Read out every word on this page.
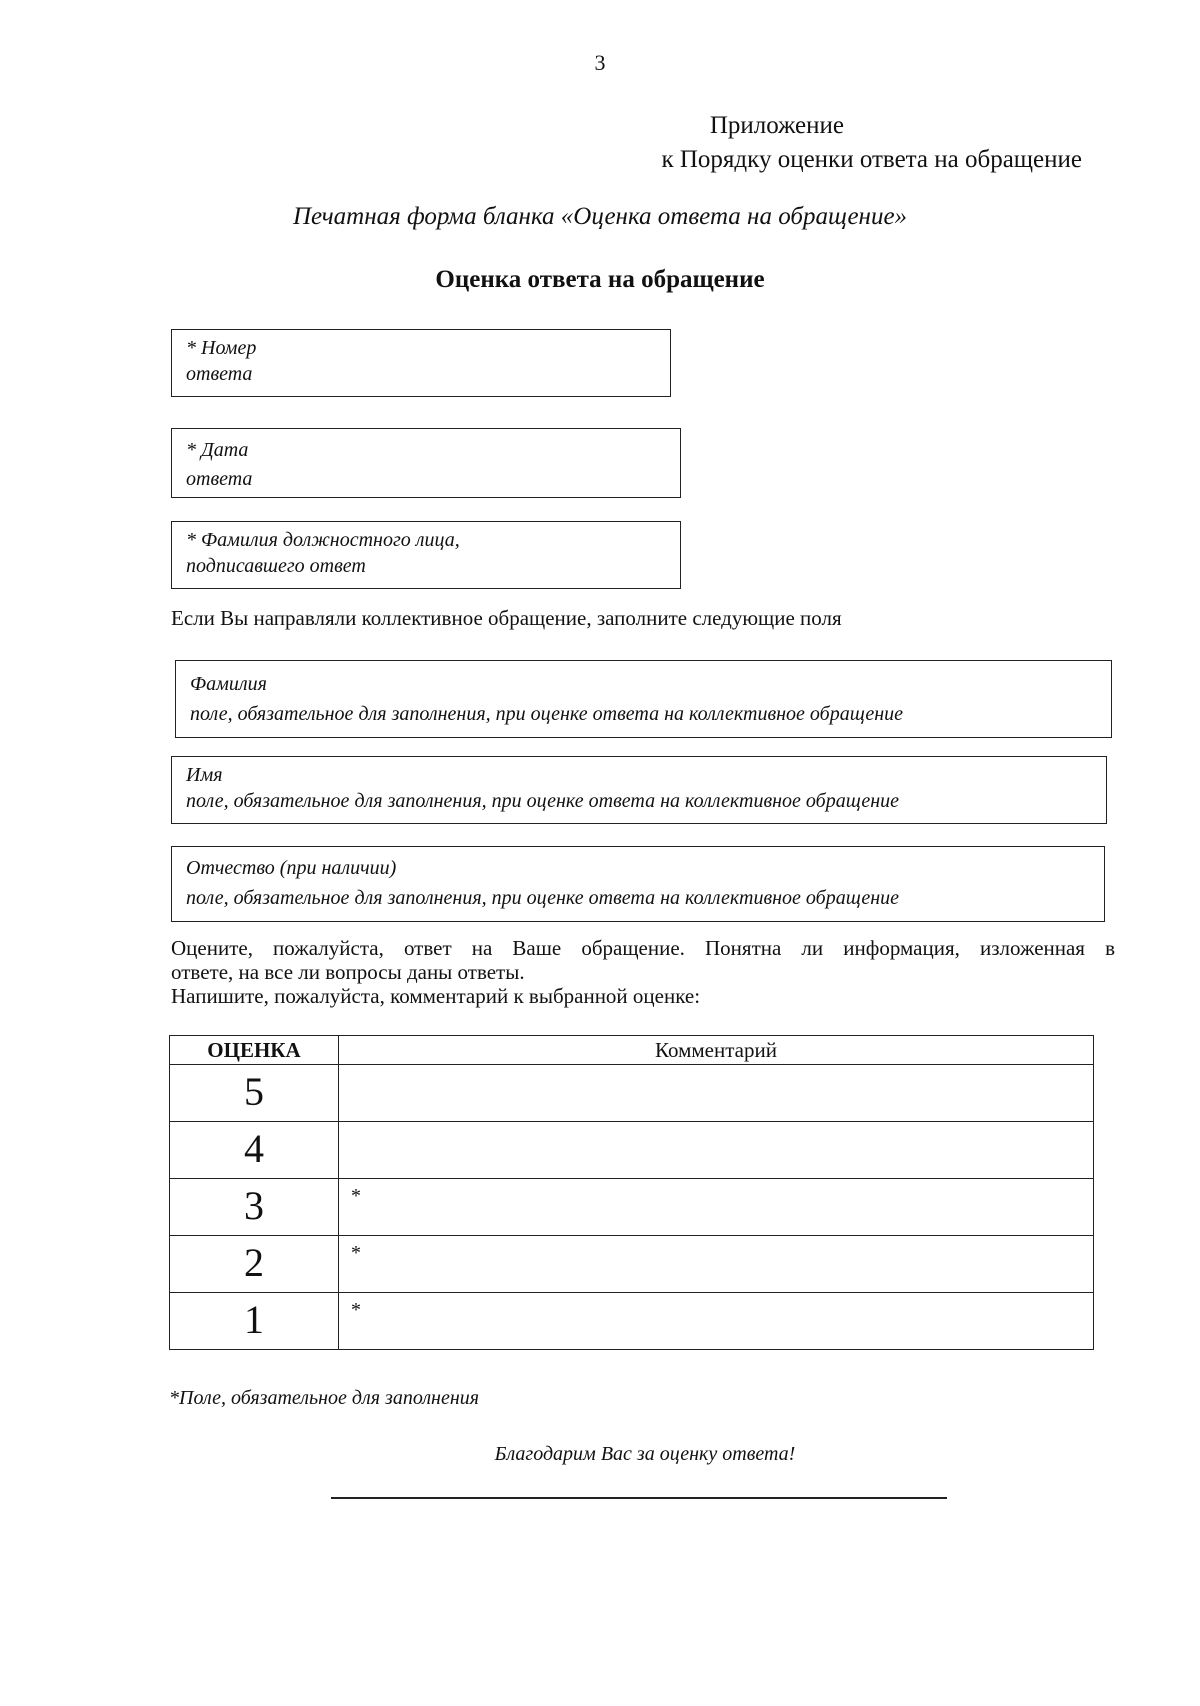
3
Приложение
к Порядку оценки ответа на обращение
Печатная форма бланка «Оценка ответа на обращение»
Оценка ответа на обращение
* Номер
ответа
* Дата
ответа
* Фамилия должностного лица,
подписавшего ответ
Если Вы направляли коллективное обращение, заполните следующие поля
Фамилия
поле, обязательное для заполнения, при оценке ответа на коллективное обращение
Имя
поле, обязательное для заполнения, при оценке ответа на коллективное обращение
Отчество (при наличии)
поле, обязательное для заполнения, при оценке ответа на коллективное обращение
Оцените, пожалуйста, ответ на Ваше обращение. Понятна ли информация, изложенная в
ответе, на все ли вопросы даны ответы.
Напишите, пожалуйста, комментарий к выбранной оценке:
ОЦЕНКА	Комментарий
5	
4	
3	*
2	*
1	*
*Поле, обязательное для заполнения
Благодарим Вас за оценку ответа!
